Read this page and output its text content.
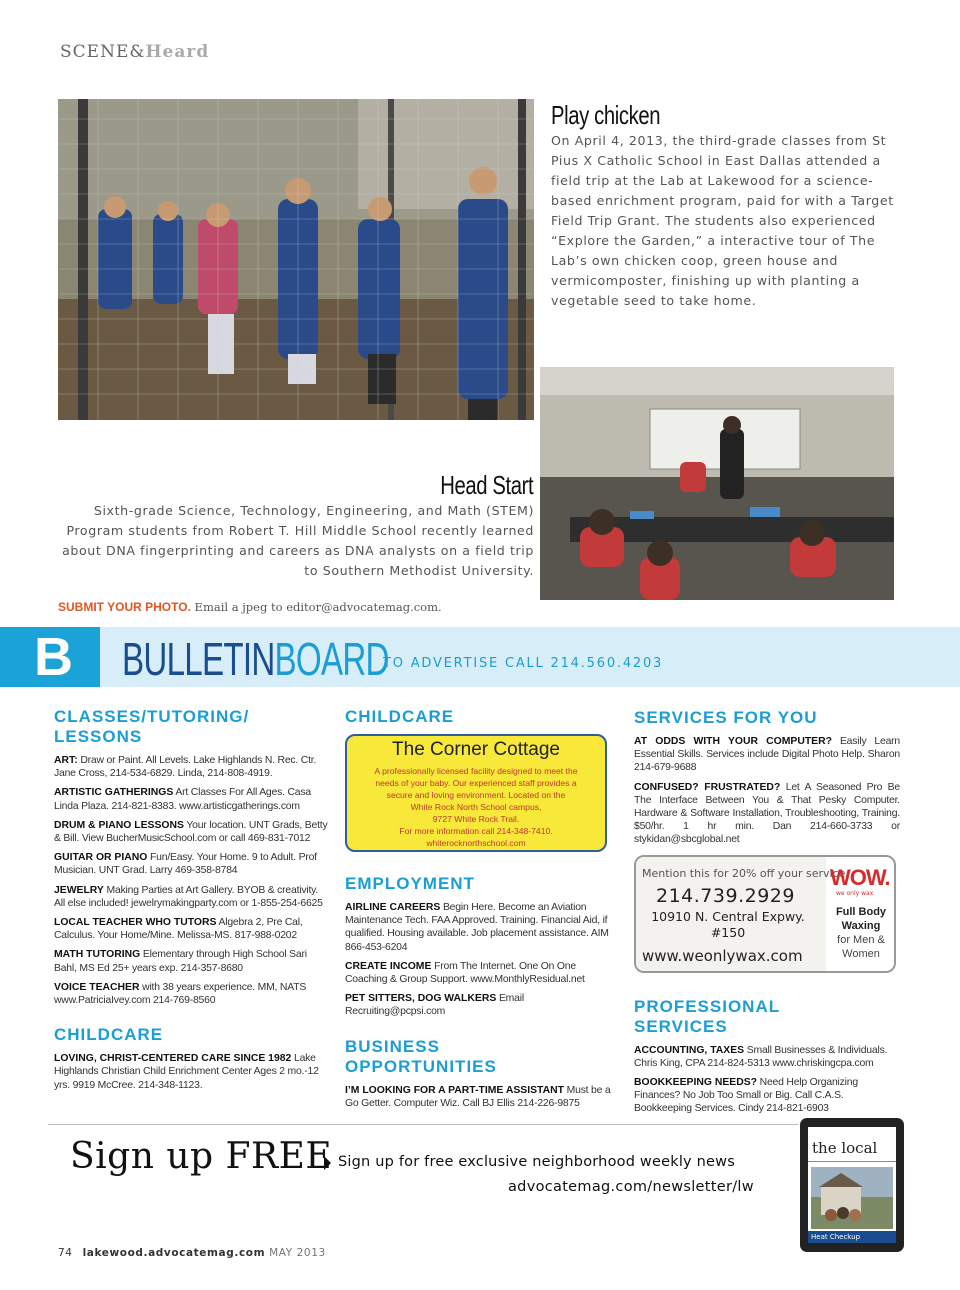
SCENE&Heard
Play chicken
On April 4, 2013, the third-grade classes from St Pius X Catholic School in East Dallas attended a field trip at the Lab at Lakewood for a science-based enrichment program, paid for with a Target Field Trip Grant. The students also experienced “Explore the Garden,” a interactive tour of The Lab’s own chicken coop, green house and vermicomposter, finishing up with planting a vegetable seed to take home.
Head Start
Sixth-grade Science, Technology, Engineering, and Math (STEM) Program students from Robert T. Hill Middle School recently learned about DNA fingerprinting and careers as DNA analysts on a field trip to Southern Methodist University.
SUBMIT YOUR PHOTO. Email a jpeg to editor@advocatemag.com.
B	BULLETINBOARD
TO ADVERTISE CALL 214.560.4203
CLASSES/TUTORING/ LESSONS
ART: Draw or Paint. All Levels. Lake Highlands N. Rec. Ctr. Jane Cross, 214-534-6829. Linda, 214-808-4919.
ARTISTIC GATHERINGS Art Classes For All Ages. Casa Linda Plaza. 214-821-8383. www.artisticgatherings.com
DRUM & PIANO LESSONS Your location. UNT Grads, Betty & Bill. View BucherMusicSchool.com or call 469-831-7012
GUITAR OR PIANO Fun/Easy. Your Home. 9 to Adult. Prof Musician. UNT Grad. Larry 469-358-8784
JEWELRY Making Parties at Art Gallery. BYOB & creativity. All else included! jewelrymakingparty.com or 1-855-254-6625
LOCAL TEACHER WHO TUTORS Algebra 2, Pre Cal, Calculus. Your Home/Mine. Melissa-MS. 817-988-0202
MATH TUTORING Elementary through High School Sari Bahl, MS Ed 25+ years exp. 214-357-8680
VOICE TEACHER with 38 years experience. MM, NATS www.PatriciaIvey.com 214-769-8560
CHILDCARE
LOVING, CHRIST-CENTERED CARE SINCE 1982 Lake Highlands Christian Child Enrichment Center Ages 2 mo.-12 yrs. 9919 McCree. 214-348-1123.
CHILDCARE
The Corner Cottage
A professionally licensed facility designed to meet the
needs of your baby. Our experienced staff provides a
secure and loving environment. Located on the
White Rock North School campus,
9727 White Rock Trail.
For more information call 214-348-7410.
whiterocknorthschool.com
EMPLOYMENT
AIRLINE CAREERS Begin Here. Become an Aviation Maintenance Tech. FAA Approved. Training. Financial Aid, if qualified. Housing available. Job placement assistance. AIM 866-453-6204
CREATE INCOME From The Internet. One On One Coaching & Group Support. www.MonthlyResidual.net
PET SITTERS, DOG WALKERS Email Recruiting@pcpsi.com
BUSINESS OPPORTUNITIES
I’M LOOKING FOR A PART-TIME ASSISTANT Must be a Go Getter. Computer Wiz. Call BJ Ellis 214-226-9875
SERVICES FOR YOU
AT ODDS WITH YOUR COMPUTER? Easily Learn Essential Skills. Services include Digital Photo Help. Sharon 214-679-9688
CONFUSED? FRUSTRATED? Let A Seasoned Pro Be The Interface Between You & That Pesky Computer. Hardware & Software Installation, Troubleshooting, Training. $50/hr. 1 hr min. Dan 214-660-3733 or stykidan@sbcglobal.net
Mention this for 20% off your service
214.739.2929
10910 N. Central Expwy.
#150
www.weonlywax.com
WOW.
we only wax
Full Body
Waxing
for Men &
Women
PROFESSIONAL SERVICES
ACCOUNTING, TAXES Small Businesses & Individuals. Chris King, CPA 214-824-5313 www.chriskingcpa.com
BOOKKEEPING NEEDS? Need Help Organizing Finances? No Job Too Small or Big. Call C.A.S. Bookkeeping Services. Cindy 214-821-6903
Sign up FREE Sign up for free exclusive neighborhood weekly news
advocatemag.com/newsletter/lw
the local
Heat Checkup
74 lakewood.advocatemag.com MAY 2013
